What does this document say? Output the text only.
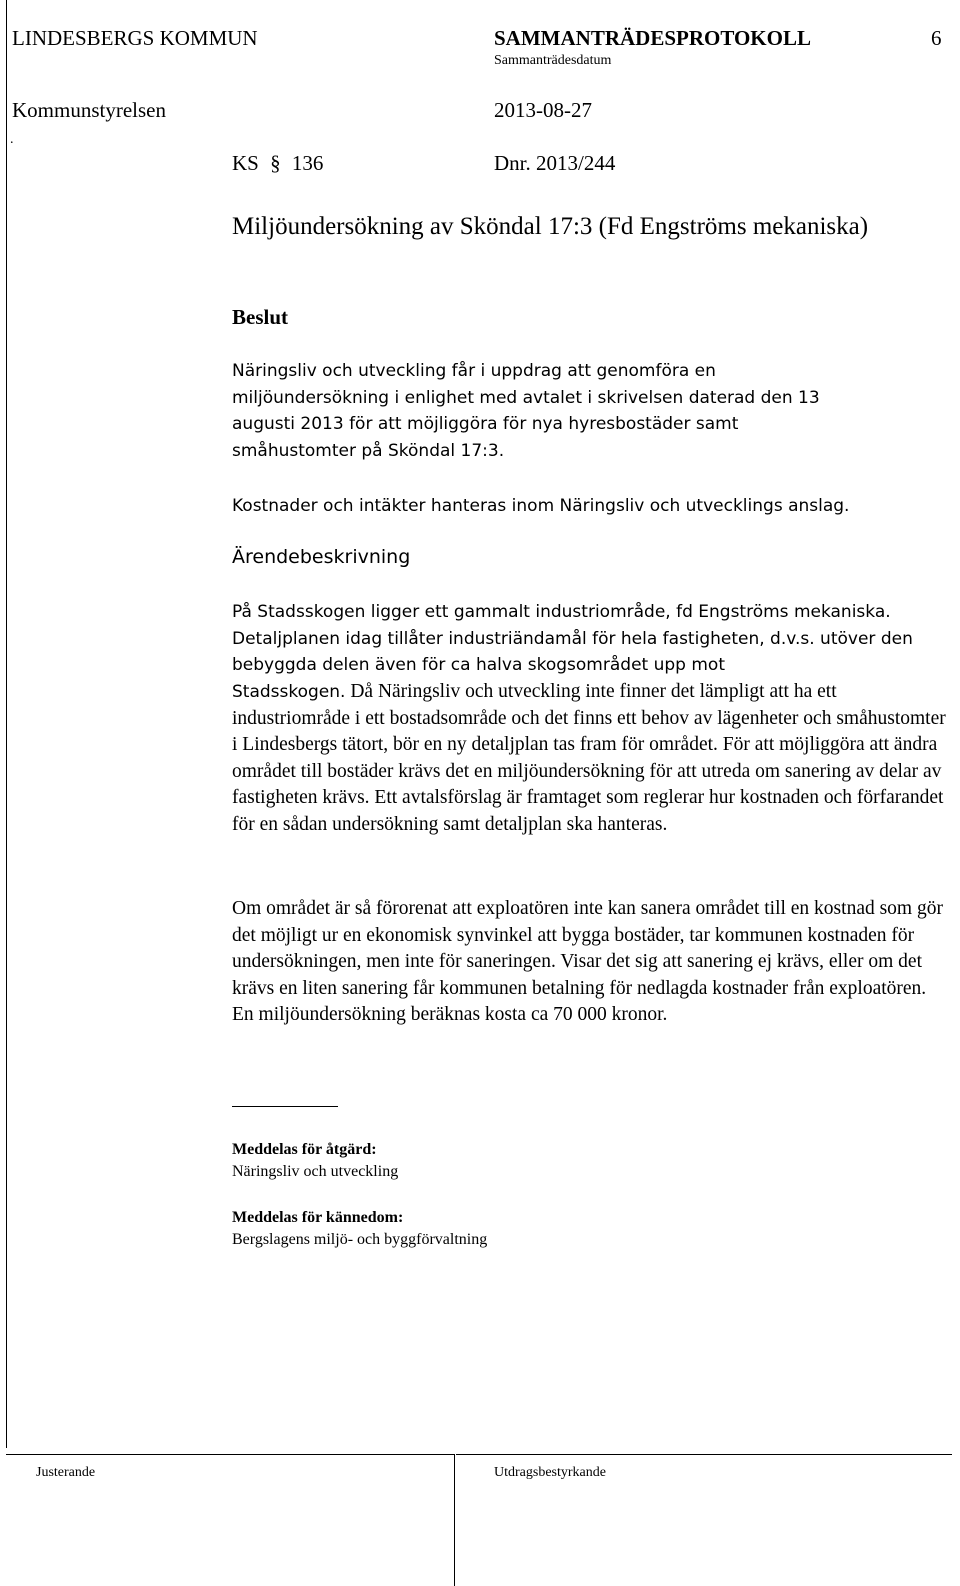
LINDESBERGS KOMMUN	SAMMANTRÄDESPROTOKOLL	6
Sammanträdesdatum
Kommunstyrelsen	2013-08-27
.
KS § 136	Dnr. 2013/244
Miljöundersökning av Sköndal 17:3 (Fd Engströms mekaniska)
Beslut
Näringsliv och utveckling får i uppdrag att genomföra en miljöundersökning i enlighet med avtalet i skrivelsen daterad den 13 augusti 2013 för att möjliggöra för nya hyresbostäder samt småhustomter på Sköndal 17:3.
Kostnader och intäkter hanteras inom Näringsliv och utvecklings anslag.
Ärendebeskrivning
På Stadsskogen ligger ett gammalt industriområde, fd Engströms mekaniska. Detaljplanen idag tillåter industriändamål för hela fastigheten, d.v.s. utöver den bebyggda delen även för ca halva skogsområdet upp mot
Stadsskogen. Då Näringsliv och utveckling inte finner det lämpligt att ha ett industriområde i ett bostadsområde och det finns ett behov av lägenheter och småhustomter i Lindesbergs tätort, bör en ny detaljplan tas fram för området. För att möjliggöra att ändra området till bostäder krävs det en miljöundersökning för att utreda om sanering av delar av fastigheten krävs. Ett avtalsförslag är framtaget som reglerar hur kostnaden och förfarandet för en sådan undersökning samt detaljplan ska hanteras.
Om området är så förorenat att exploatören inte kan sanera området till en kostnad som gör det möjligt ur en ekonomisk synvinkel att bygga bostäder, tar kommunen kostnaden för undersökningen, men inte för saneringen. Visar det sig att sanering ej krävs, eller om det krävs en liten sanering får kommunen betalning för nedlagda kostnader från exploatören. En miljöundersökning beräknas kosta ca 70 000 kronor.
Meddelas för åtgärd:
Näringsliv och utveckling
Meddelas för kännedom:
Bergslagens miljö- och byggförvaltning
Justerande	Utdragsbestyrkande
